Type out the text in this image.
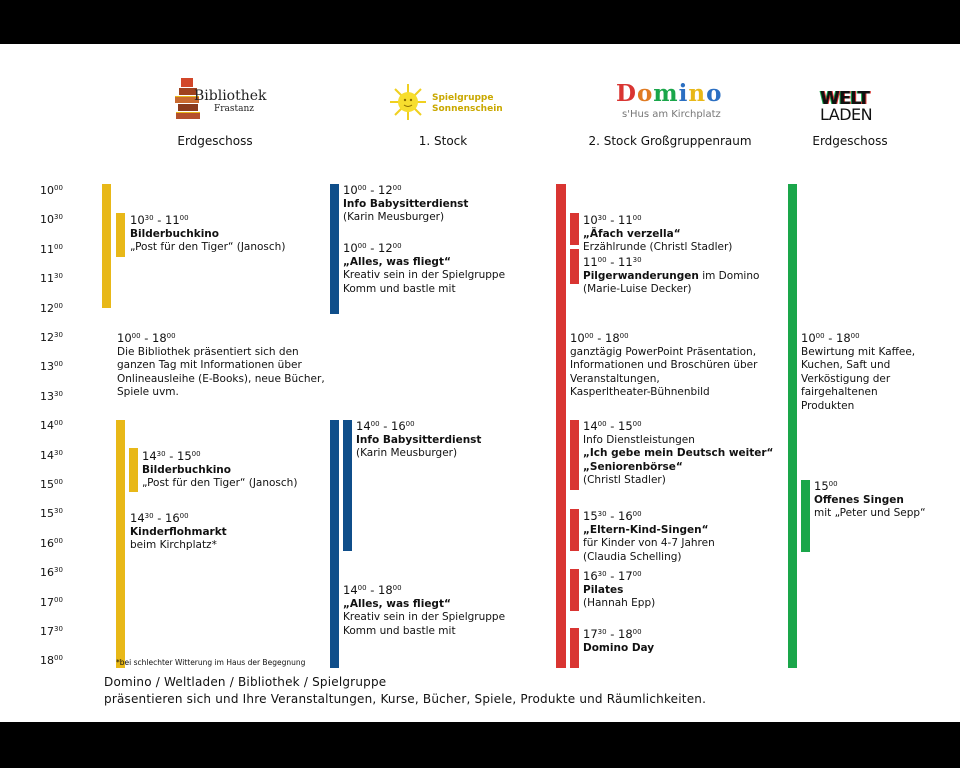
Bibliothek
Frastanz
Spielgruppe
Sonnenschein
Domino
s'Hus am Kirchplatz
WELT
LADEN
Erdgeschoss	1. Stock	2. Stock Großgruppenraum	Erdgeschoss
$10^{00}$
$10^{30}$
$11^{00}$
$11^{30}$
$12^{00}$
$12^{30}$
$13^{00}$
$13^{30}$
$14^{00}$
$14^{30}$
$15^{00}$
$15^{30}$
$16^{00}$
$16^{30}$
$17^{00}$
$17^{30}$
$18^{00}$
$10^{30} - 11^{00}$
Bilderbuchkino
„Post für den Tiger“ (Janosch)
$10^{00} - 18^{00}$
Die Bibliothek präsentiert sich den
ganzen Tag mit Informationen über
Onlineausleihe (E-Books), neue Bücher,
Spiele uvm.
$14^{30} - 15^{00}$
Bilderbuchkino
„Post für den Tiger“ (Janosch)
$14^{30} - 16^{00}$
Kinderflohmarkt
beim Kirchplatz*
*bei schlechter Witterung im Haus der Begegnung
$10^{00} - 12^{00}$
Info Babysitterdienst
(Karin Meusburger)
$10^{00} - 12^{00}$
„Alles, was fliegt“
Kreativ sein in der Spielgruppe
Komm und bastle mit
$14^{00} - 16^{00}$
Info Babysitterdienst
(Karin Meusburger)
$14^{00} - 18^{00}$
„Alles, was fliegt“
Kreativ sein in der Spielgruppe
Komm und bastle mit
$10^{30} - 11^{00}$
„Äfach verzella“
Erzählrunde (Christl Stadler)
$11^{00} - 11^{30}$
Pilgerwanderungen im Domino
(Marie-Luise Decker)
$10^{00} - 18^{00}$
ganztägig PowerPoint Präsentation,
Informationen und Broschüren über
Veranstaltungen,
Kasperltheater-Bühnenbild
$14^{00} - 15^{00}$
Info Dienstleistungen
„Ich gebe mein Deutsch weiter“
„Seniorenbörse“
(Christl Stadler)
$15^{30} - 16^{00}$
„Eltern-Kind-Singen“
für Kinder von 4-7 Jahren
(Claudia Schelling)
$16^{30} - 17^{00}$
Pilates
(Hannah Epp)
$17^{30} - 18^{00}$
Domino Day
$10^{00} - 18^{00}$
Bewirtung mit Kaffee,
Kuchen, Saft und
Verköstigung der
fairgehaltenen
Produkten
$15^{00}$
Offenes Singen
mit „Peter und Sepp“
Domino / Weltladen / Bibliothek / Spielgruppe
präsentieren sich und Ihre Veranstaltungen, Kurse, Bücher, Spiele, Produkte und Räumlichkeiten.
